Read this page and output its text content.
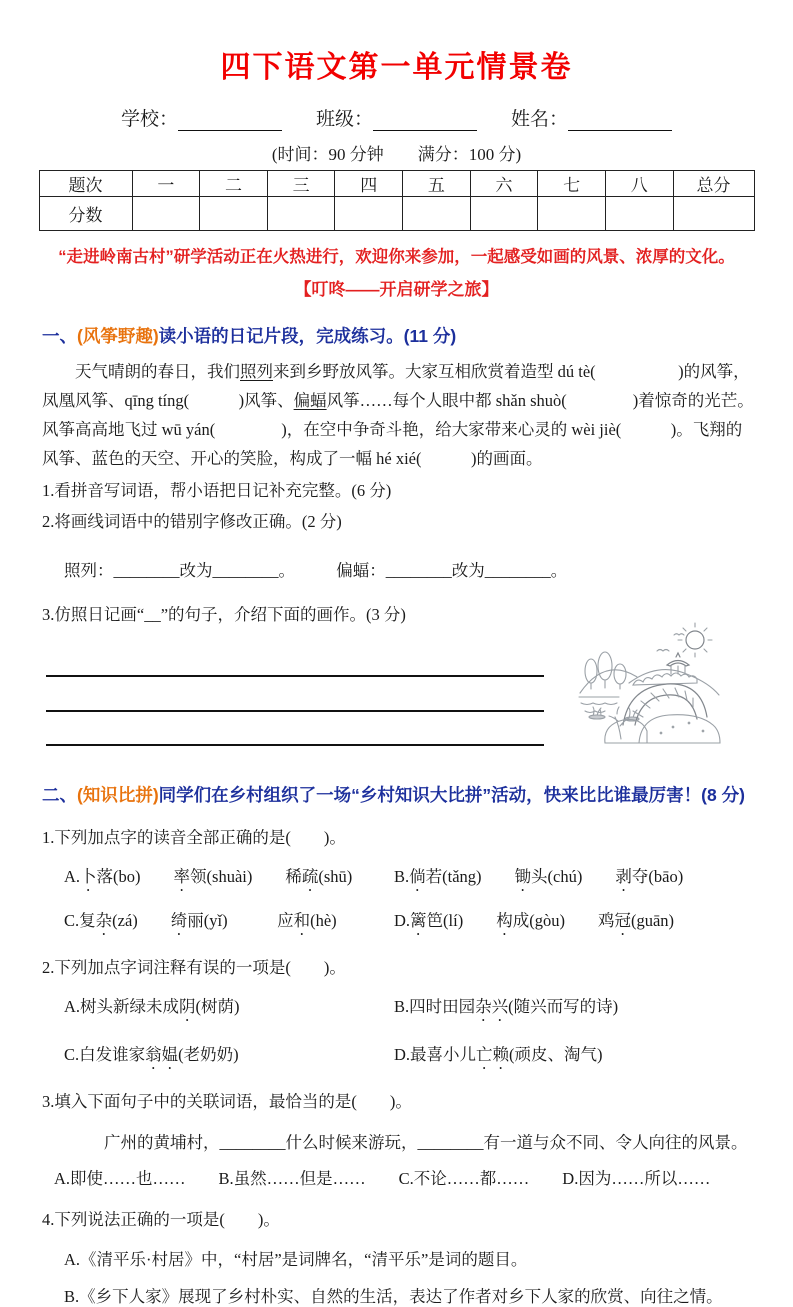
四下语文第一单元情景卷
学校：	班级：	姓名：
(时间：90 分钟　　满分：100 分)
题次	一	二	三	四	五	六	七	八	总分
分数									
“走进岭南古村”研学活动正在火热进行，欢迎你来参加，一起感受如画的风景、浓厚的文化。
【叮咚——开启研学之旅】
一、(风筝野趣)读小语的日记片段，完成练习。(11 分)
天气晴朗的春日，我们照列来到乡野放风筝。大家互相欣赏着造型 dú tè(　　　　　)的风筝，凤凰风筝、qīng tíng(　　　)风筝、偏蝠风筝……每个人眼中都 shǎn shuò(　　　　)着惊奇的光芒。风筝高高地飞过 wū yán(　　　　)，在空中争奇斗艳，给大家带来心灵的 wèi jiè(　　　)。飞翔的风筝、蓝色的天空、开心的笑脸，构成了一幅 hé xié(　　　)的画面。
1.看拼音写词语，帮小语把日记补充完整。(6 分)
2.将画线词语中的错别字修改正确。(2 分)
照列：________改为________。　　　偏蝠：________改为________。
3.仿照日记画“__”的句子，介绍下面的画作。(3 分)
二、(知识比拼)同学们在乡村组织了一场“乡村知识大比拼”活动，快来比比谁最厉害！(8 分)
1.下列加点字的读音全部正确的是(　　)。
A.卜落(bo)　　率领(shuài)　　稀疏(shū)	B.倘若(tǎng)　　锄头(chú)　　剥夺(bāo)
C.复杂(zá)　　绮丽(yǐ)　　　应和(hè)	D.篱笆(lí)　　构成(gòu)　　鸡冠(guān)
2.下列加点字词注释有误的一项是(　　)。
A.树头新绿未成阴(树荫)	B.四时田园杂兴(随兴而写的诗)
C.白发谁家翁媪(老奶奶)	D.最喜小儿亡赖(顽皮、淘气)
3.填入下面句子中的关联词语，最恰当的是(　　)。
广州的黄埔村，________什么时候来游玩，________有一道与众不同、令人向往的风景。
A.即使……也……　　B.虽然……但是……　　C.不论……都……　　D.因为……所以……
4.下列说法正确的一项是(　　)。
A.《清平乐·村居》中，“村居”是词牌名，“清平乐”是词的题目。
B.《乡下人家》展现了乡村朴实、自然的生活，表达了作者对乡下人家的欣赏、向往之情。
